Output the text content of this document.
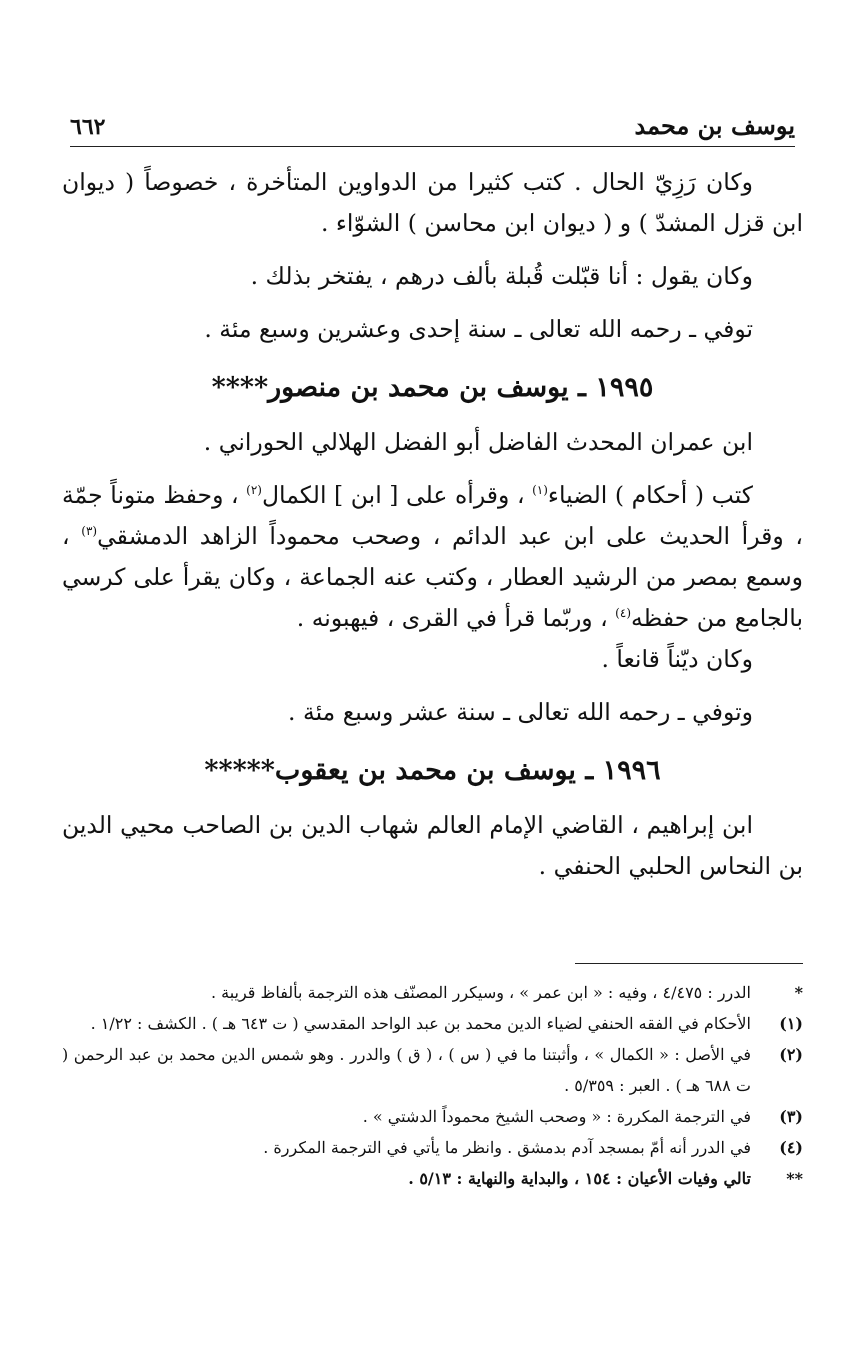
يوسف بن محمد
٦٦٢

وكان رَزِيّ الحال . كتب كثيرا من الدواوين المتأخرة ، خصوصاً ( ديوان ابن قزل المشدّ ) و ( ديوان ابن محاسن ) الشوّاء .

وكان يقول : أنا قبّلت قُبلة بألف درهم ، يفتخر بذلك .

توفي ـ رحمه الله تعالى ـ سنة إحدى وعشرين وسبع مئة .

١٩٩٥ ـ يوسف بن محمد بن منصور****

ابن عمران المحدث الفاضل أبو الفضل الهلالي الحوراني .

كتب ( أحكام ) الضياء$^{(١)}$ ، وقرأه على [ ابن ] الكمال$^{(٢)}$ ، وحفظ متوناً جمّة ، وقرأ الحديث على ابن عبد الدائم ، وصحب محموداً الزاهد الدمشقي$^{(٣)}$ ، وسمع بمصر من الرشيد العطار ، وكتب عنه الجماعة ، وكان يقرأ على كرسي بالجامع من حفظه$^{(٤)}$ ، وربّما قرأ في القرى ، فيهبونه .

وكان ديّناً قانعاً .

وتوفي ـ رحمه الله تعالى ـ سنة عشر وسبع مئة .

١٩٩٦ ـ يوسف بن محمد بن يعقوب*****

ابن إبراهيم ، القاضي الإمام العالم شهاب الدين بن الصاحب محيي الدين بن النحاس الحلبي الحنفي .

*
الدرر : ٤/٤٧٥ ، وفيه : « ابن عمر » ، وسيكرر المصنّف هذه الترجمة بألفاظ قريبة .
(١)
الأحكام في الفقه الحنفي لضياء الدين محمد بن عبد الواحد المقدسي ( ت ٦٤٣ هـ ) . الكشف : ١/٢٢ .
(٢)
في الأصل : « الكمال » ، وأثبتنا ما في ( س ) ، ( ق ) والدرر . وهو شمس الدين محمد بن عبد الرحمن ( ت ٦٨٨ هـ ) . العبر : ٥/٣٥٩ .
(٣)
في الترجمة المكررة : « وصحب الشيخ محموداً الدشتي » .
(٤)
في الدرر أنه أمّ بمسجد آدم بدمشق . وانظر ما يأتي في الترجمة المكررة .
**
تالي وفيات الأعيان : ١٥٤ ، والبداية والنهاية : ٥/١٣ .
